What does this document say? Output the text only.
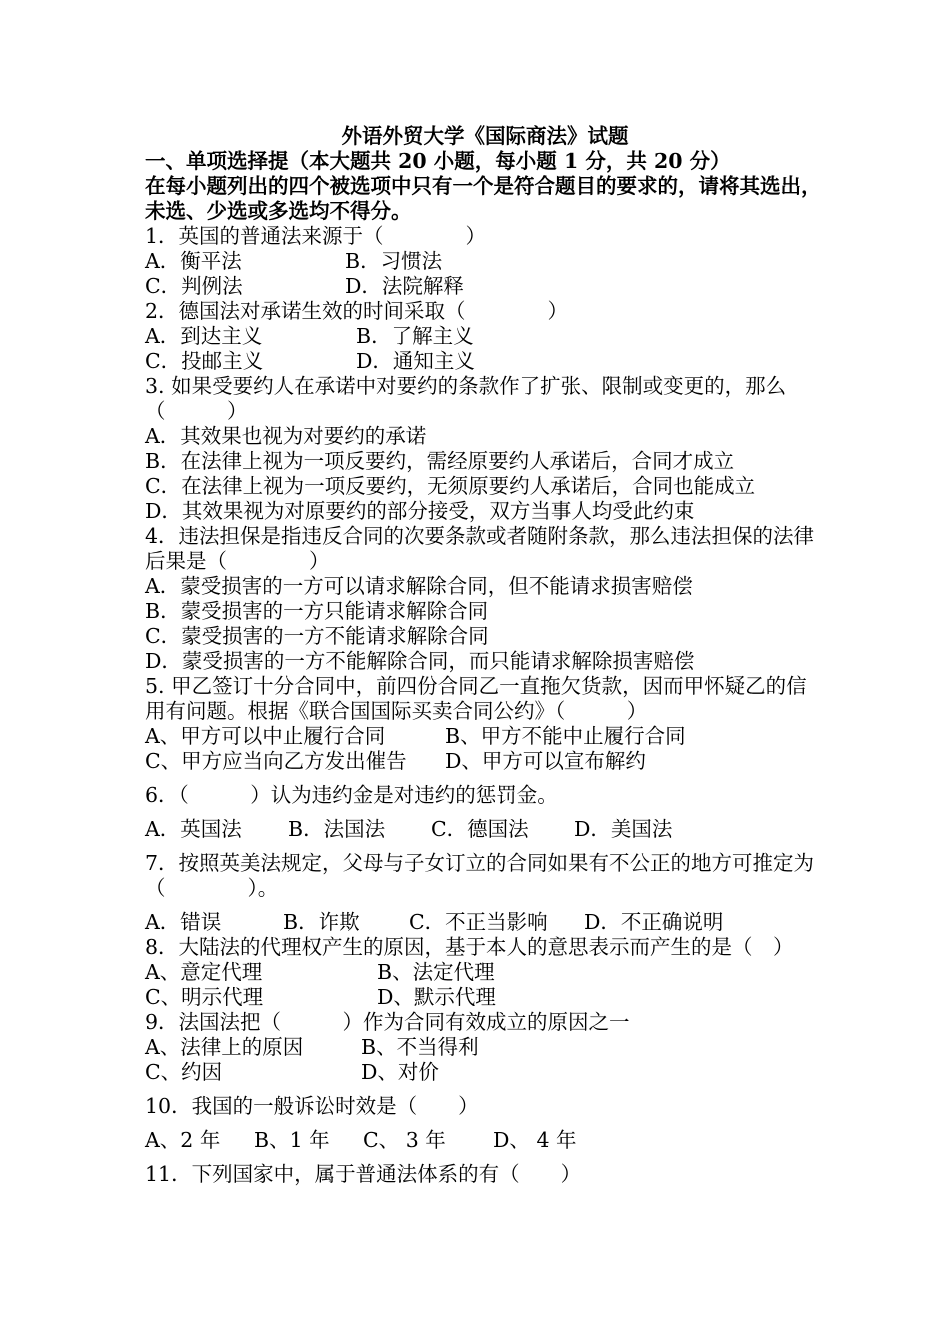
外语外贸大学《国际商法》试题

一、单项选择提（本大题共 20 小题，每小题 1 分，共 20 分）

在每小题列出的四个被选项中只有一个是符合题目的要求的，请将其选出，未选、少选或多选均不得分。

1．英国的普通法来源于（　　　　）

A．衡平法	B．习惯法
C．判例法	D．法院解释

2．德国法对承诺生效的时间采取（　　　　）

A．到达主义	B．了解主义
C．投邮主义	D．通知主义

3. 如果受要约人在承诺中对要约的条款作了扩张、限制或变更的，那么（　　　）

A．其效果也视为对要约的承诺

B．在法律上视为一项反要约，需经原要约人承诺后，合同才成立

C．在法律上视为一项反要约，无须原要约人承诺后，合同也能成立

D．其效果视为对原要约的部分接受，双方当事人均受此约束

4．违法担保是指违反合同的次要条款或者随附条款，那么违法担保的法律后果是（　　　　）

A．蒙受损害的一方可以请求解除合同，但不能请求损害赔偿

B．蒙受损害的一方只能请求解除合同

C．蒙受损害的一方不能请求解除合同

D．蒙受损害的一方不能解除合同，而只能请求解除损害赔偿

5. 甲乙签订十分合同中，前四份合同乙一直拖欠货款，因而甲怀疑乙的信用有问题。根据《联合国国际买卖合同公约》（　　　）

A、甲方可以中止履行合同	B、甲方不能中止履行合同
C、甲方应当向乙方发出催告	D、甲方可以宣布解约

6．（　　　）认为违约金是对违约的惩罚金。

A．英国法	B．法国法	C．德国法	D．美国法

7．按照英美法规定，父母与子女订立的合同如果有不公正的地方可推定为（　　　　）。

A．错误	B．诈欺	C．不正当影响	D．不正确说明

8．大陆法的代理权产生的原因，基于本人的意思表示而产生的是（　）

A、意定代理	B、法定代理
C、明示代理	D、默示代理

9．法国法把（　　　）作为合同有效成立的原因之一

A、法律上的原因	B、不当得利
C、约因	D、对价

10．我国的一般诉讼时效是（　　）

A、2 年	B、1 年	C、 3 年	D、 4 年

11．下列国家中，属于普通法体系的有（　　）
